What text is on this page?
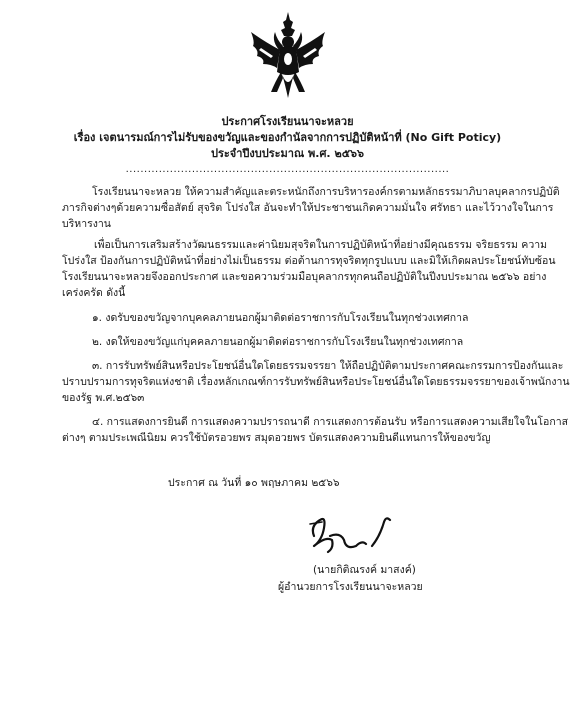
ประกาศโรงเรียนนาจะหลวย
เรื่อง เจตนารมณ์การไม่รับของขวัญและของกำนัลจากการปฏิบัติหน้าที่ (No Gift Poticy)
ประจำปีงบประมาณ พ.ศ. ๒๕๖๖
........................................................................................
โรงเรียนนาจะหลวย ให้ความสำคัญและตระหนักถึงการบริหารองค์กรตามหลักธรรมาภิบาลบุคลากรปฏิบัติ
ภารกิจต่างๆด้วยความซื่อสัตย์ สุจริต โปร่งใส อันจะทำให้ประชาชนเกิดความมั่นใจ ศรัทธา และไว้วางใจในการ
บริหารงาน
เพื่อเป็นการเสริมสร้างวัฒนธรรมและค่านิยมสุจริตในการปฏิบัติหน้าที่อย่างมีคุณธรรม จริยธรรม ความ
โปร่งใส ป้องกันการปฏิบัติหน้าที่อย่างไม่เป็นธรรม ต่อต้านการทุจริตทุกรูปแบบ และมิให้เกิดผลประโยชน์ทับซ้อน
โรงเรียนนาจะหลวยจึงออกประกาศ และขอความร่วมมือบุคลากรทุกคนถือปฏิบัติในปีงบประมาณ ๒๕๖๖ อย่าง
เคร่งครัด ดังนี้
๑. งดรับของขวัญจากบุคคลภายนอกผู้มาติดต่อราชการกับโรงเรียนในทุกช่วงเทศกาล
๒. งดให้ของขวัญแก่บุคคลภายนอกผู้มาติดต่อราชการกับโรงเรียนในทุกช่วงเทศกาล
๓. การรับทรัพย์สินหรือประโยชน์อื่นใดโดยธรรมจรรยา ให้ถือปฏิบัติตามประกาศคณะกรรมการป้องกันและ
ปราบปรามการทุจริตแห่งชาติ เรื่องหลักเกณฑ์การรับทรัพย์สินหรือประโยชน์อื่นใดโดยธรรมจรรยาของเจ้าพนักงาน
ของรัฐ พ.ศ.๒๕๖๓
๔. การแสดงการยินดี การแสดงความปรารถนาดี การแสดงการต้อนรับ หรือการแสดงความเสียใจในโอกาส
ต่างๆ ตามประเพณีนิยม ควรใช้บัตรอวยพร สมุดอวยพร บัตรแสดงความยินดีแทนการให้ของขวัญ
ประกาศ ณ วันที่ ๑๐ พฤษภาคม ๒๕๖๖
(นายกิติณรงค์ มาสงค์)
ผู้อำนวยการโรงเรียนนาจะหลวย
